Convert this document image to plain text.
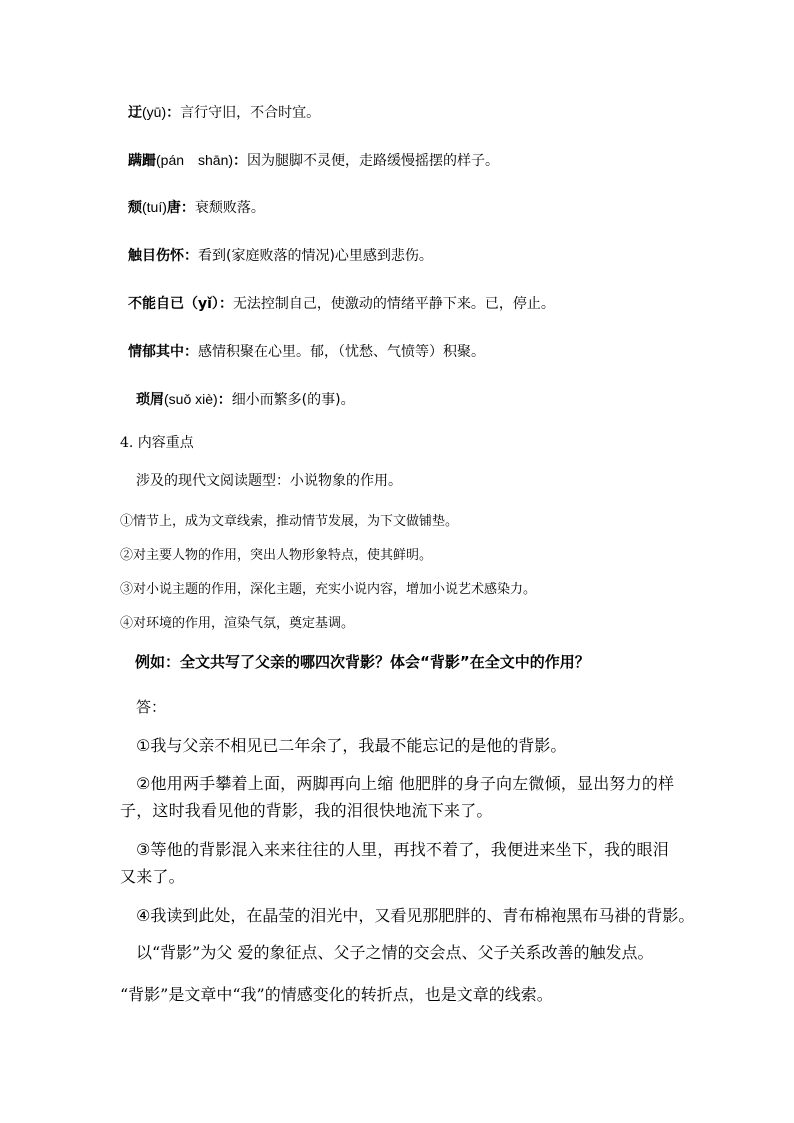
迂(yū)：言行守旧，不合时宜。
蹒跚(pán　shān)：因为腿脚不灵便，走路缓慢摇摆的样子。
颓(tuí)唐：衰颓败落。
触目伤怀：看到(家庭败落的情况)心里感到悲伤。
不能自已（yǐ）：无法控制自己，使激动的情绪平静下来。已，停止。
情郁其中：感情积聚在心里。郁，（忧愁、气愤等）积聚。
琐屑(suǒ xiè)：细小而繁多(的事)。
4. 内容重点
涉及的现代文阅读题型：小说物象的作用。
①情节上，成为文章线索，推动情节发展，为下文做铺垫。
②对主要人物的作用，突出人物形象特点，使其鲜明。
③对小说主题的作用，深化主题，充实小说内容，增加小说艺术感染力。
④对环境的作用，渲染气氛，奠定基调。
例如：全文共写了父亲的哪四次背影？体会“背影”在全文中的作用？
答：
①我与父亲不相见已二年余了，我最不能忘记的是他的背影。
②他用两手攀着上面，两脚再向上缩 他肥胖的身子向左微倾，显出努力的样子，这时我看见他的背影，我的泪很快地流下来了。
③等他的背影混入来来往往的人里，再找不着了，我便进来坐下，我的眼泪又来了。
④我读到此处，在晶莹的泪光中，又看见那肥胖的、青布棉袍黑布马褂的背影。
以“背影”为父 爱的象征点、父子之情的交会点、父子关系改善的触发点。
“背影”是文章中“我”的情感变化的转折点，也是文章的线索。
